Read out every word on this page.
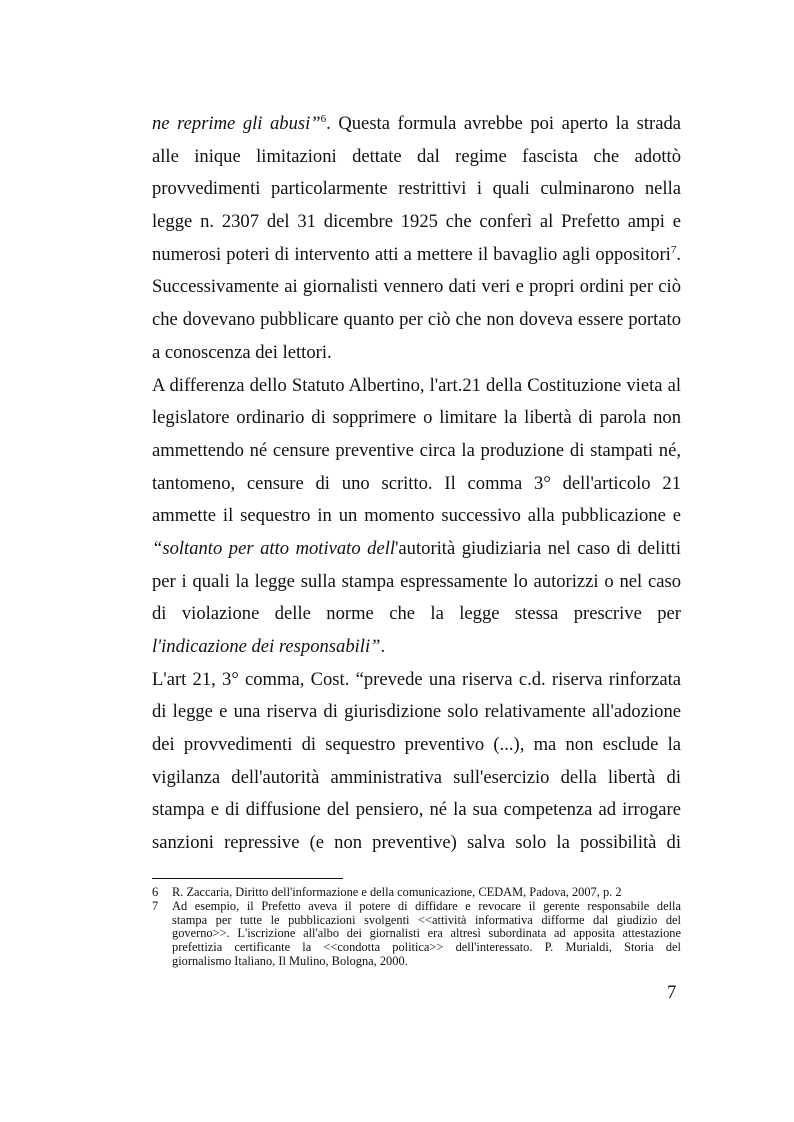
ne reprime gli abusi”$^6$. Questa formula avrebbe poi aperto la strada
alle inique limitazioni dettate dal regime fascista che adottò
provvedimenti particolarmente restrittivi i quali culminarono nella
legge n. 2307 del 31 dicembre 1925 che conferì al Prefetto ampi e
numerosi poteri di intervento atti a mettere il bavaglio agli oppositori$^7$.
Successivamente ai giornalisti vennero dati veri e propri ordini per ciò
che dovevano pubblicare quanto per ciò che non doveva essere portato
a conoscenza dei lettori.
A differenza dello Statuto Albertino, l'art.21 della Costituzione vieta al
legislatore ordinario di sopprimere o limitare la libertà di parola non
ammettendo né censure preventive circa la produzione di stampati né,
tantomeno, censure di uno scritto. Il comma 3° dell'articolo 21
ammette il sequestro in un momento successivo alla pubblicazione e
“soltanto per atto motivato dell'autorità giudiziaria nel caso di delitti
per i quali la legge sulla stampa espressamente lo autorizzi o nel caso
di violazione delle norme che la legge stessa prescrive per
l'indicazione dei responsabili”.
L'art 21, 3° comma, Cost. “prevede una riserva c.d. riserva rinforzata
di legge e una riserva di giurisdizione solo relativamente all'adozione
dei provvedimenti di sequestro preventivo (...), ma non esclude la
vigilanza dell'autorità amministrativa sull'esercizio della libertà di
stampa e di diffusione del pensiero, né la sua competenza ad irrogare
sanzioni repressive (e non preventive) salva solo la possibilità di
6 R. Zaccaria, Diritto dell'informazione e della comunicazione, CEDAM, Padova, 2007, p. 2
7 Ad esempio, il Prefetto aveva il potere di diffidare e revocare il gerente responsabile della
stampa per tutte le pubblicazioni svolgenti <<attività informativa difforme dal giudizio del
governo>>. L'iscrizione all'albo dei giornalisti era altresì subordinata ad apposita attestazione
prefettizia certificante la <<condotta politica>> dell'interessato. P. Murialdi, Storia del
giornalismo Italiano, Il Mulino, Bologna, 2000.
7
